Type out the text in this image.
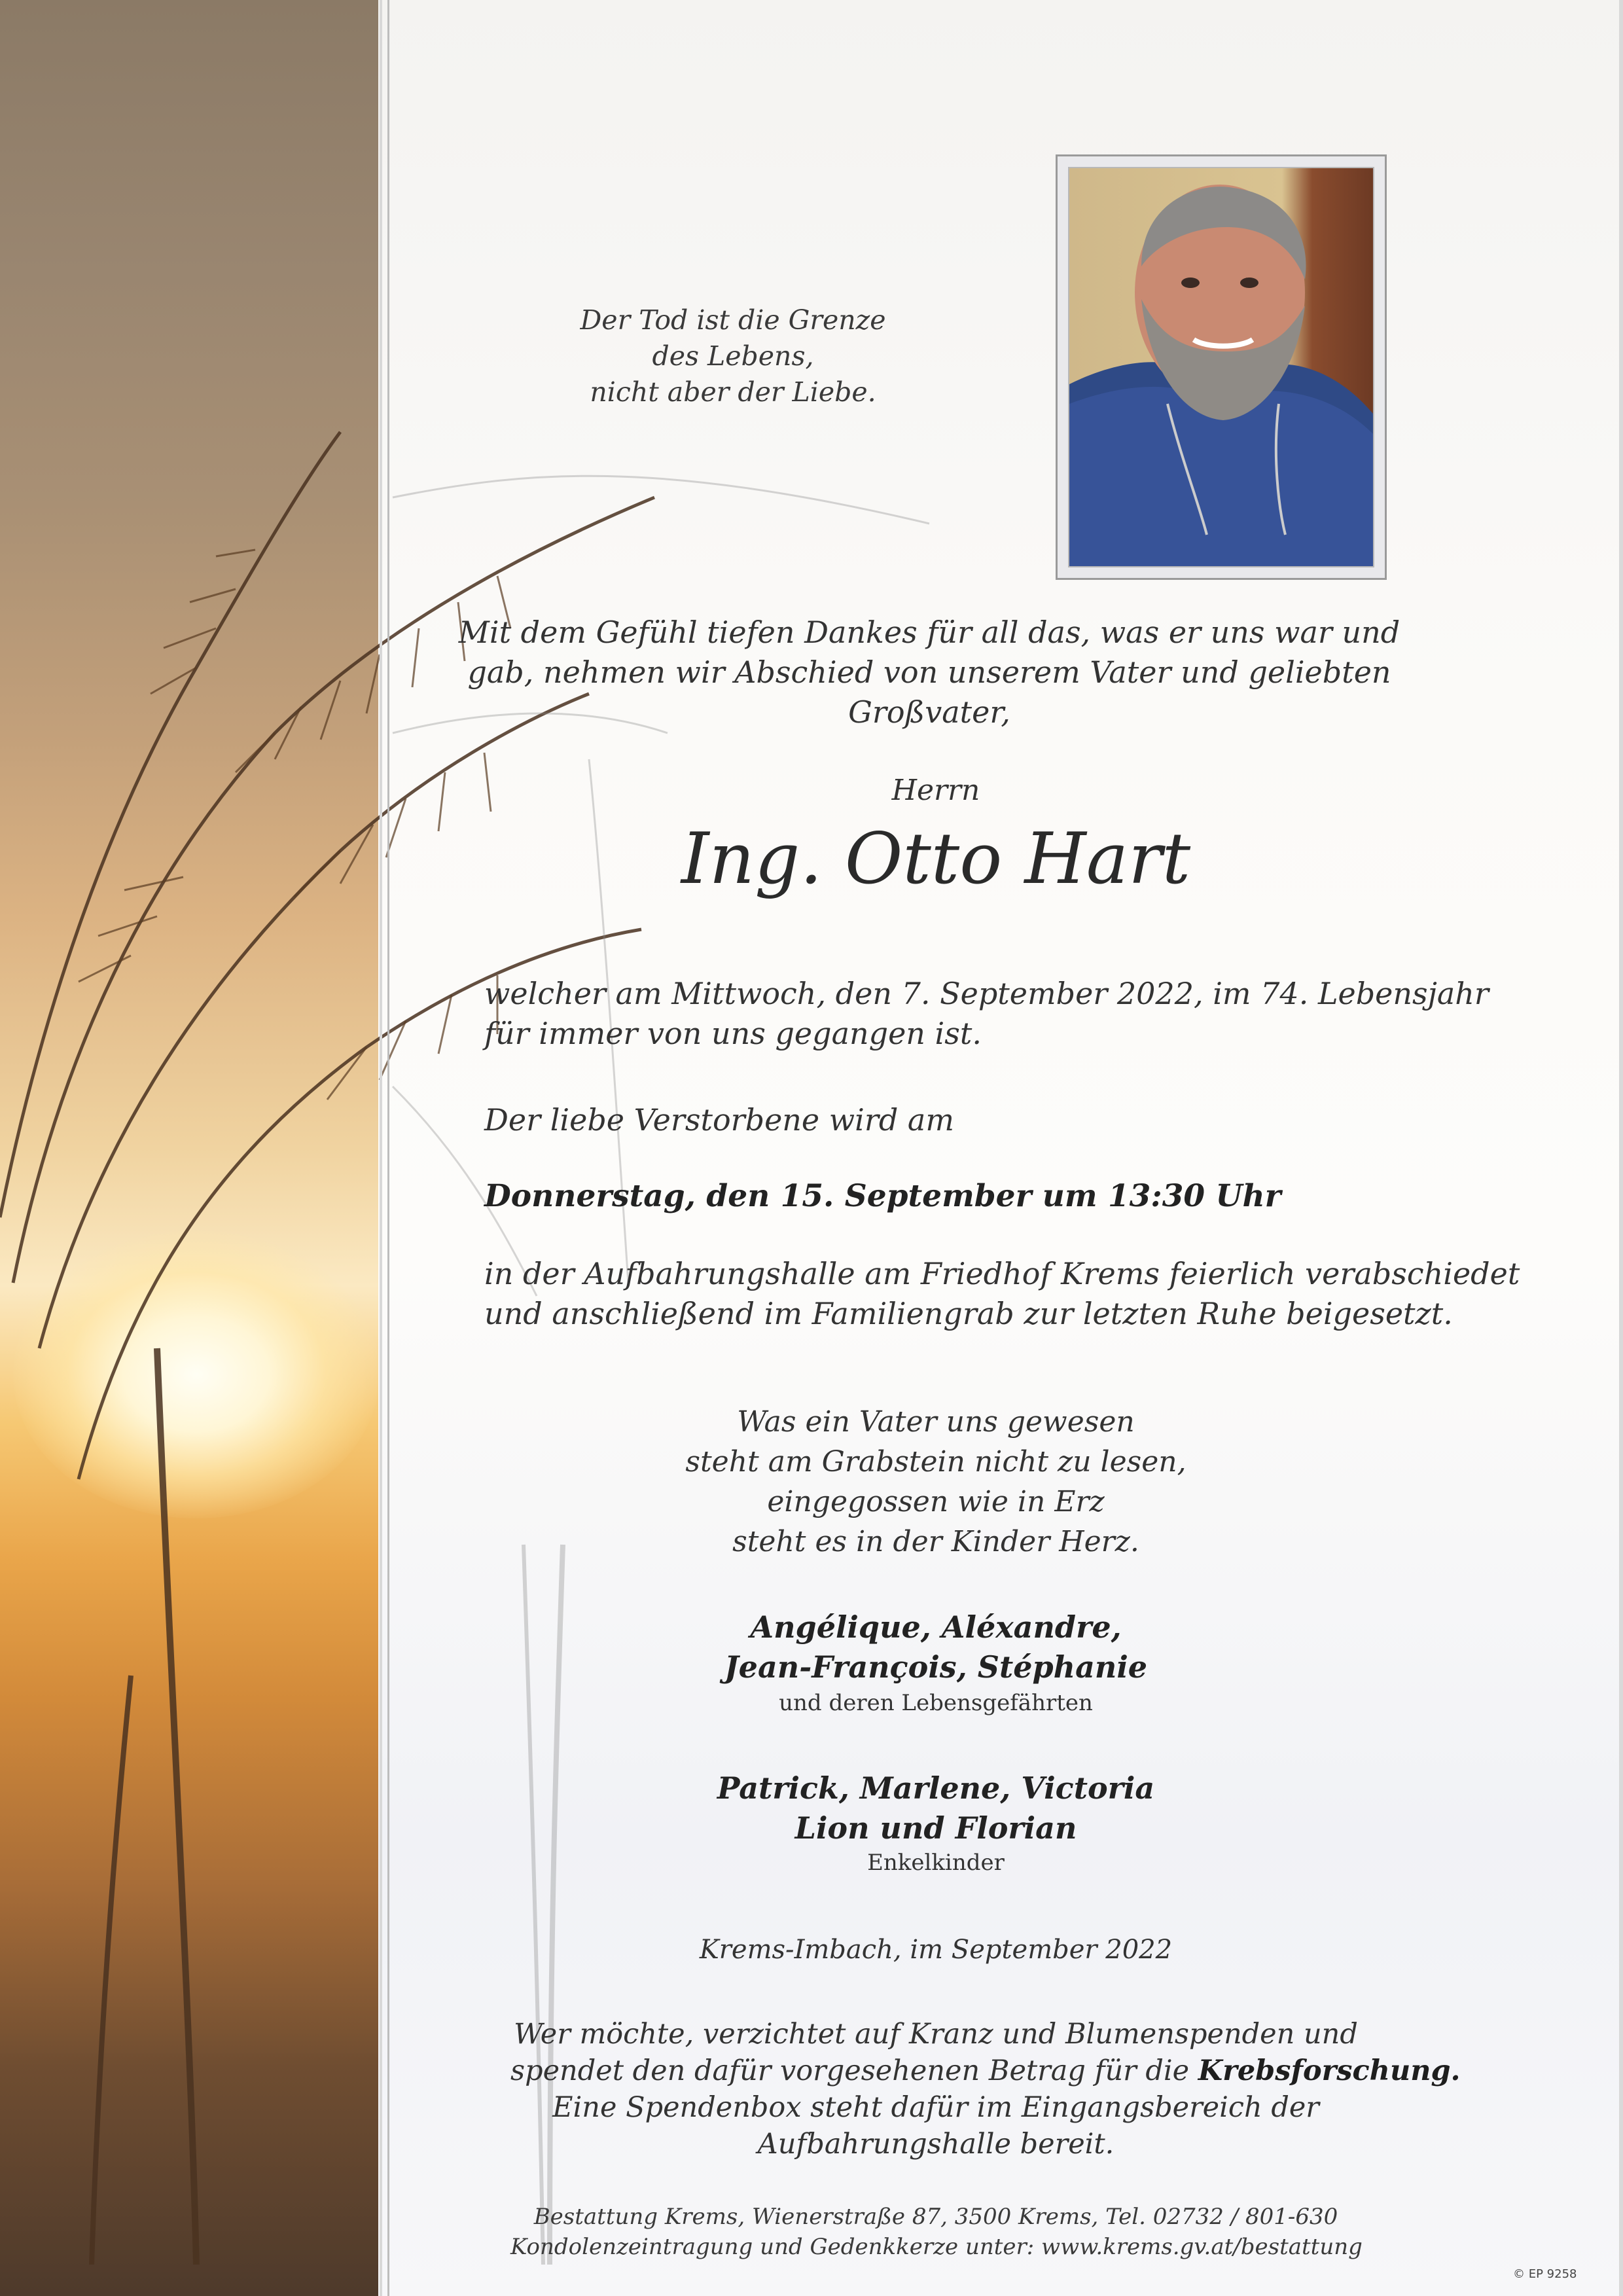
Der Tod ist die Grenze
des Lebens,
nicht aber der Liebe.
Mit dem Gefühl tiefen Dankes für all das, was er uns war und
gab, nehmen wir Abschied von unserem Vater und geliebten
Großvater,
Herrn
Ing. Otto Hart
welcher am Mittwoch, den 7. September 2022, im 74. Lebensjahr
für immer von uns gegangen ist.
Der liebe Verstorbene wird am
Donnerstag, den 15. September um 13:30 Uhr
in der Aufbahrungshalle am Friedhof Krems feierlich verabschiedet
und anschließend im Familiengrab zur letzten Ruhe beigesetzt.
Was ein Vater uns gewesen
steht am Grabstein nicht zu lesen,
eingegossen wie in Erz
steht es in der Kinder Herz.
Angélique, Aléxandre,
Jean-François, Stéphanie
und deren Lebensgefährten
Patrick, Marlene, Victoria
Lion und Florian
Enkelkinder
Krems-Imbach, im September 2022
Wer möchte, verzichtet auf Kranz und Blumenspenden und
spendet den dafür vorgesehenen Betrag für die Krebsforschung.
Eine Spendenbox steht dafür im Eingangsbereich der
Aufbahrungshalle bereit.
Bestattung Krems, Wienerstraße 87, 3500 Krems, Tel. 02732 / 801-630
Kondolenzeintragung und Gedenkkerze unter: www.krems.gv.at/bestattung
© EP 9258
